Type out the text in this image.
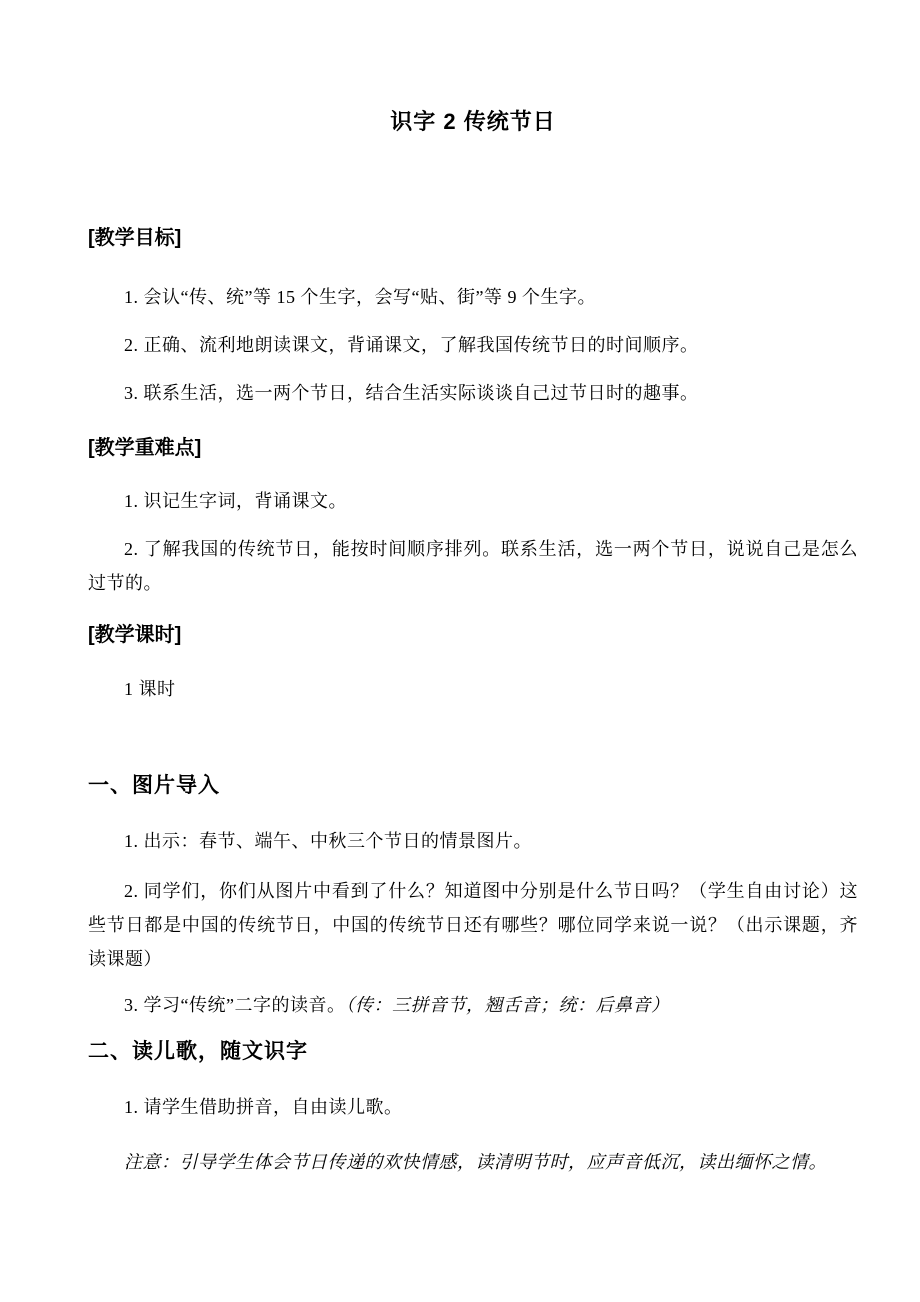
识字 2 传统节日
[教学目标]

1. 会认“传、统”等 15 个生字，会写“贴、街”等 9 个生字。

2. 正确、流利地朗读课文，背诵课文，了解我国传统节日的时间顺序。

3. 联系生活，选一两个节日，结合生活实际谈谈自己过节日时的趣事。

[教学重难点]

1. 识记生字词，背诵课文。

2. 了解我国的传统节日，能按时间顺序排列。联系生活，选一两个节日，说说自己是怎么过节的。

[教学课时]

1 课时

一、图片导入

1. 出示：春节、端午、中秋三个节日的情景图片。

2. 同学们，你们从图片中看到了什么？知道图中分别是什么节日吗？（学生自由讨论）这些节日都是中国的传统节日，中国的传统节日还有哪些？哪位同学来说一说？（出示课题，齐读课题）

3. 学习“传统”二字的读音。（传：三拼音节，翘舌音；统：后鼻音）

二、读儿歌，随文识字

1. 请学生借助拼音，自由读儿歌。

注意：引导学生体会节日传递的欢快情感，读清明节时，应声音低沉，读出缅怀之情。
